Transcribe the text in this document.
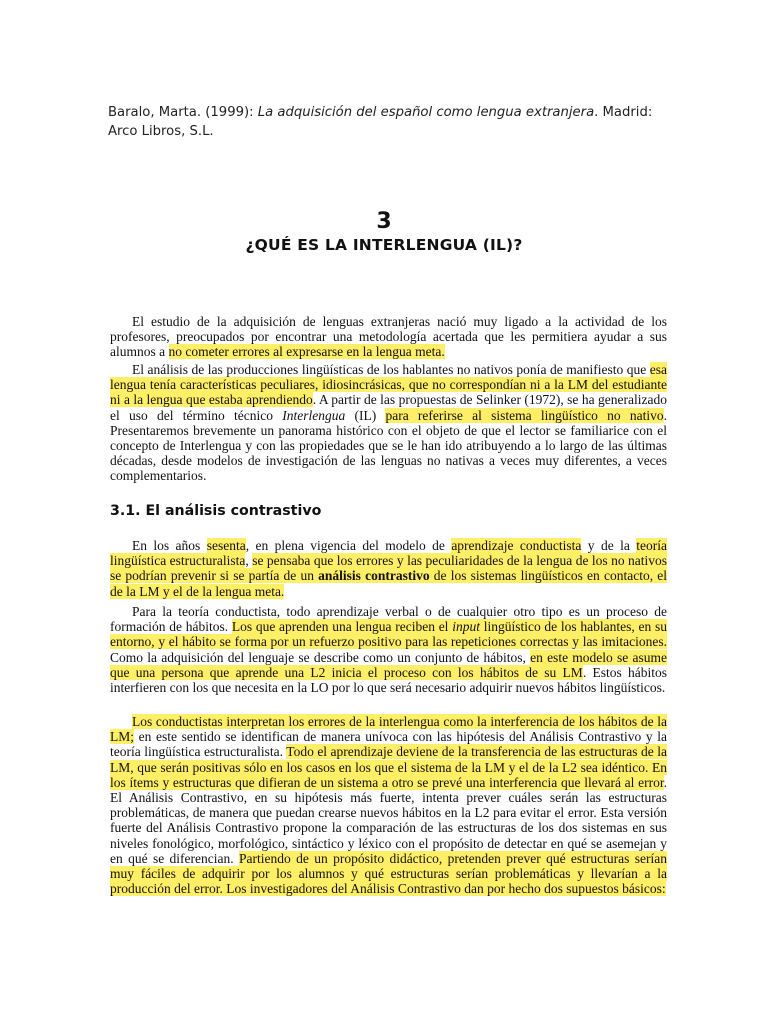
Baralo, Marta. (1999): La adquisición del español como lengua extranjera. Madrid: Arco Libros, S.L.
3
¿QUÉ ES LA INTERLENGUA (IL)?

El estudio de la adquisición de lenguas extranjeras nació muy ligado a la actividad de los profesores, preocupados por encontrar una metodología acertada que les permitiera ayudar a sus alumnos a no cometer errores al expresarse en la lengua meta.

El análisis de las producciones lingüísticas de los hablantes no nativos ponía de manifiesto que esa lengua tenía características peculiares, idiosincrásicas, que no correspondían ni a la LM del estudiante ni a la lengua que estaba aprendiendo. A partir de las propuestas de Selinker (1972), se ha generalizado el uso del término técnico Interlengua (IL) para referirse al sistema lingüístico no nativo. Presentaremos brevemente un panorama histórico con el objeto de que el lector se familiarice con el concepto de Interlengua y con las propiedades que se le han ido atribuyendo a lo largo de las últimas décadas, desde modelos de investigación de las lenguas no nativas a veces muy diferentes, a veces complementarios.

3.1. El análisis contrastivo

En los años sesenta, en plena vigencia del modelo de aprendizaje conductista y de la teoría lingüística estructuralista, se pensaba que los errores y las peculiaridades de la lengua de los no nativos se podrían prevenir si se partía de un análisis contrastivo de los sistemas lingüísticos en contacto, el de la LM y el de la lengua meta.

Para la teoría conductista, todo aprendizaje verbal o de cualquier otro tipo es un proceso de formación de hábitos. Los que aprenden una lengua reciben el input lingüístico de los hablantes, en su entorno, y el hábito se forma por un refuerzo positivo para las repeticiones correctas y las imitaciones. Como la adquisición del lenguaje se describe como un conjunto de hábitos, en este modelo se asume que una persona que aprende una L2 inicia el proceso con los hábitos de su LM. Estos hábitos interfieren con los que necesita en la LO por lo que será necesario adquirir nuevos hábitos lingüísticos.

Los conductistas interpretan los errores de la interlengua como la interferencia de los hábitos de la LM; en este sentido se identifican de manera unívoca con las hipótesis del Análisis Contrastivo y la teoría lingüística estructuralista. Todo el aprendizaje deviene de la transferencia de las estructuras de la LM, que serán positivas sólo en los casos en los que el sistema de la LM y el de la L2 sea idéntico. En los ítems y estructuras que difieran de un sistema a otro se prevé una interferencia que llevará al error. El Análisis Contrastivo, en su hipótesis más fuerte, intenta prever cuáles serán las estructuras problemáticas, de manera que puedan crearse nuevos hábitos en la L2 para evitar el error. Esta versión fuerte del Análisis Contrastivo propone la comparación de las estructuras de los dos sistemas en sus niveles fonológico, morfológico, sintáctico y léxico con el propósito de detectar en qué se asemejan y en qué se diferencian. Partiendo de un propósito didáctico, pretenden prever qué estructuras serían muy fáciles de adquirir por los alumnos y qué estructuras serían problemáticas y llevarían a la producción del error. Los investigadores del Análisis Contrastivo dan por hecho dos supuestos básicos:
